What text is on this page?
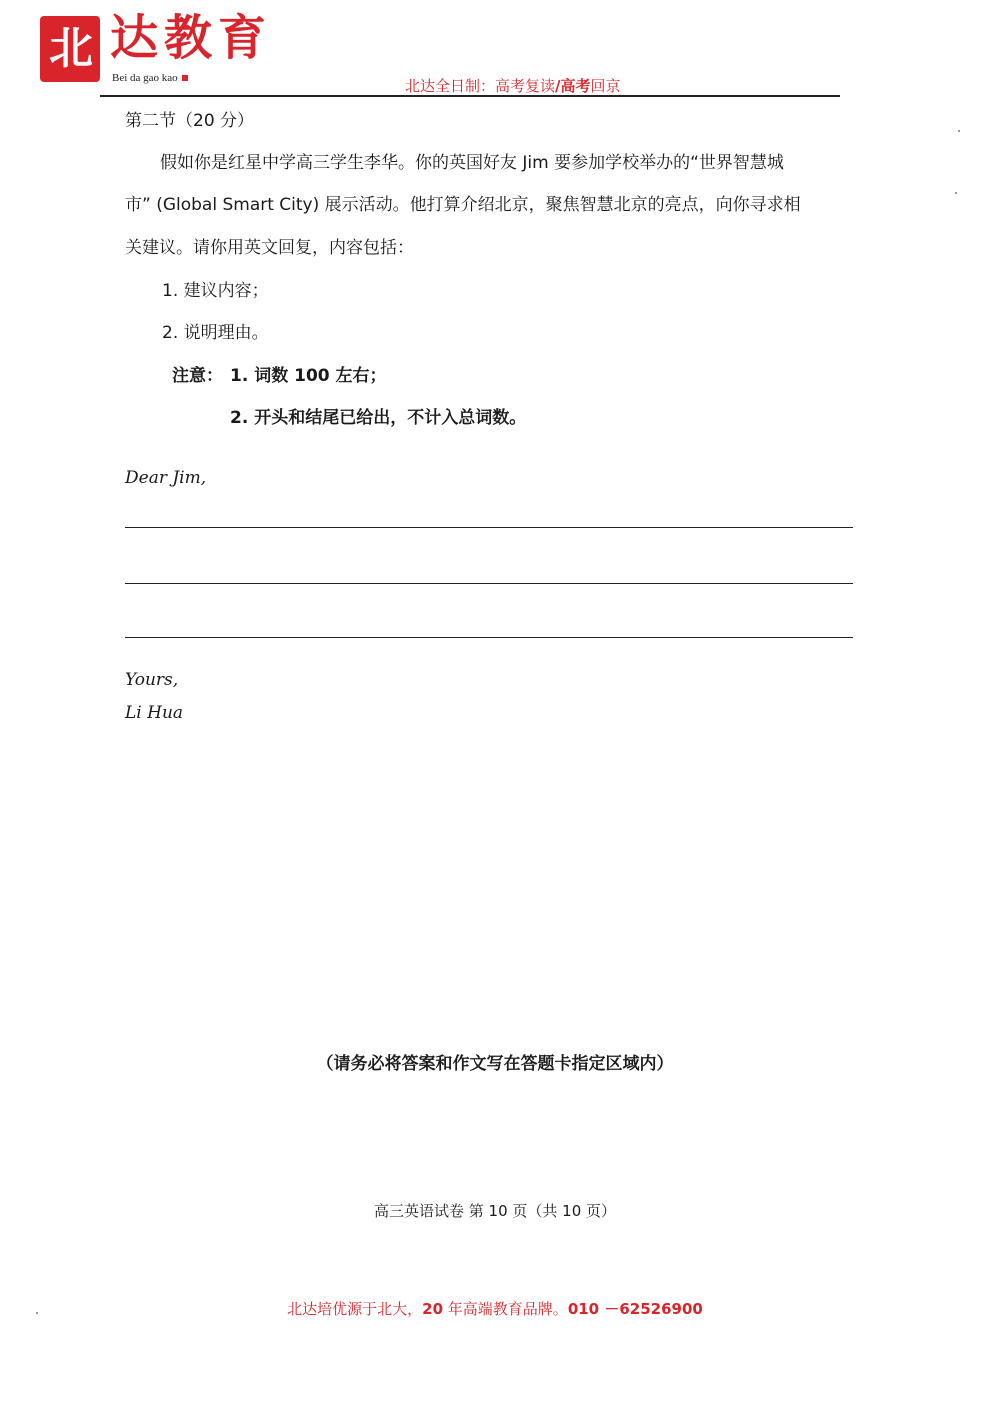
北 达教育
Bei da gao kao	北达全日制：高考复读/高考回京
第二节（20 分）
假如你是红星中学高三学生李华。你的英国好友 Jim 要参加学校举办的“世界智慧城
市” (Global Smart City) 展示活动。他打算介绍北京，聚焦智慧北京的亮点，向你寻求相
关建议。请你用英文回复，内容包括：
1. 建议内容；
2. 说明理由。
注意： 1. 词数 100 左右；
2. 开头和结尾已给出，不计入总词数。
Dear Jim,
Yours,
Li Hua
（请务必将答案和作文写在答题卡指定区域内）
高三英语试卷 第 10 页（共 10 页）
北达培优源于北大，20 年高端教育品牌。010 －62526900
